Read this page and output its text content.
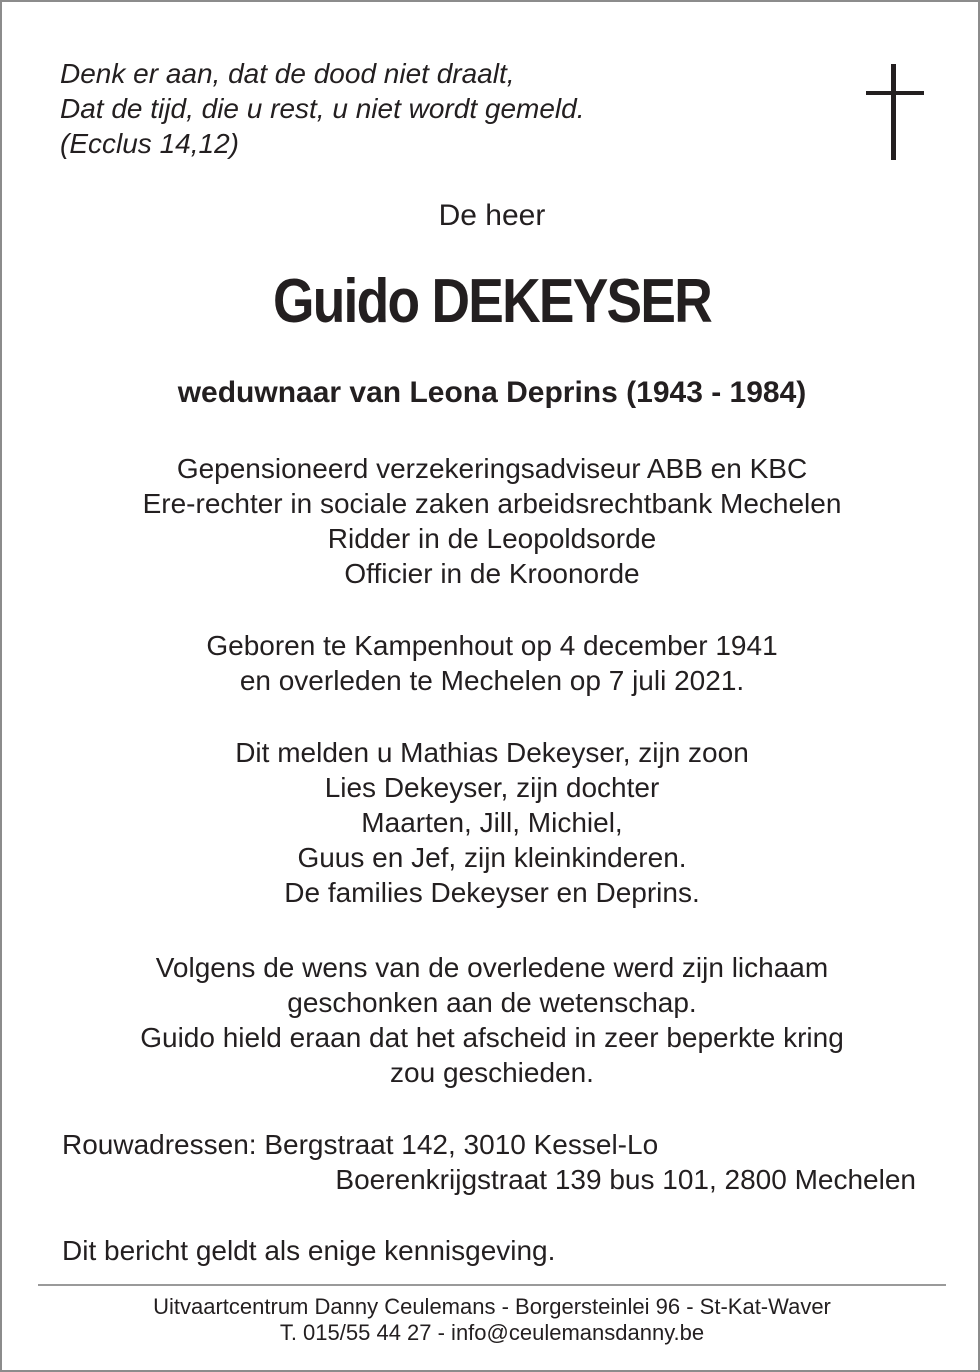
Denk er aan, dat de dood niet draalt,
Dat de tijd, die u rest, u niet wordt gemeld.
(Ecclus 14,12)
De heer
Guido DEKEYSER
weduwnaar van Leona Deprins (1943 - 1984)
Gepensioneerd verzekeringsadviseur ABB en KBC
Ere-rechter in sociale zaken arbeidsrechtbank Mechelen
Ridder in de Leopoldsorde
Officier in de Kroonorde
Geboren te Kampenhout op 4 december 1941
en overleden te Mechelen op 7 juli 2021.
Dit melden u Mathias Dekeyser, zijn zoon
Lies Dekeyser, zijn dochter
Maarten, Jill, Michiel,
Guus en Jef, zijn kleinkinderen.
De families Dekeyser en Deprins.
Volgens de wens van de overledene werd zijn lichaam
geschonken aan de wetenschap.
Guido hield eraan dat het afscheid in zeer beperkte kring
zou geschieden.
Rouwadressen: Bergstraat 142, 3010 Kessel-Lo
Boerenkrijgstraat 139 bus 101, 2800 Mechelen
Dit bericht geldt als enige kennisgeving.
Uitvaartcentrum Danny Ceulemans - Borgersteinlei 96 - St-Kat-Waver
T. 015/55 44 27 - info@ceulemansdanny.be
